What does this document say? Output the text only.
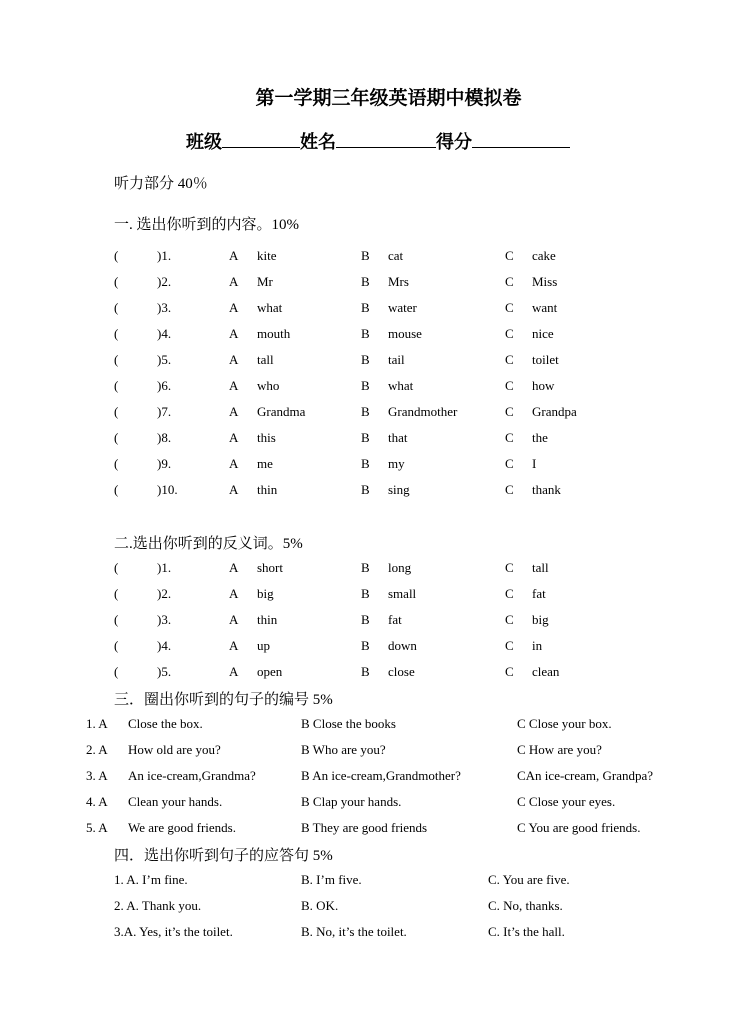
第一学期三年级英语期中模拟卷
班级	姓名	得分
听力部分 40％
一. 选出你听到的内容。10%
(	)1.	A kite	B cat	C cake
(	)2.	A Mr	B Mrs	C Miss
(	)3.	A what	B water	C want
(	)4.	A mouth	B mouse	C nice
(	)5.	A tall	B tail	C toilet
(	)6.	A who	B what	C how
(	)7.	A Grandma	B Grandmother	C Grandpa
(	)8.	A this	B that	C the
(	)9.	A me	B my	C I
(	)10.	A thin	B sing	C thank
二.选出你听到的反义词。5%
(	)1.	A short	B long	C tall
(	)2.	A big	B small	C fat
(	)3.	A thin	B fat	C big
(	)4.	A up	B down	C in
(	)5.	A open	B close	C clean
三．圈出你听到的句子的编号 5%
1. A Close the box.	B Close the books	C Close your box.
2. A How old are you?	B Who are you?	C How are you?
3. A An ice-cream,Grandma?	B An ice-cream,Grandmother?	CAn ice-cream, Grandpa?
4. A Clean your hands.	B Clap your hands.	C Close your eyes.
5. A We are good friends.	B They are good friends	C You are good friends.
四．选出你听到句子的应答句 5%
1. A. I’m fine.	B. I’m five.	C. You are five.
2. A. Thank you.	B. OK.	C. No, thanks.
3.A. Yes, it’s the toilet.	B. No, it’s the toilet.	C. It’s the hall.
